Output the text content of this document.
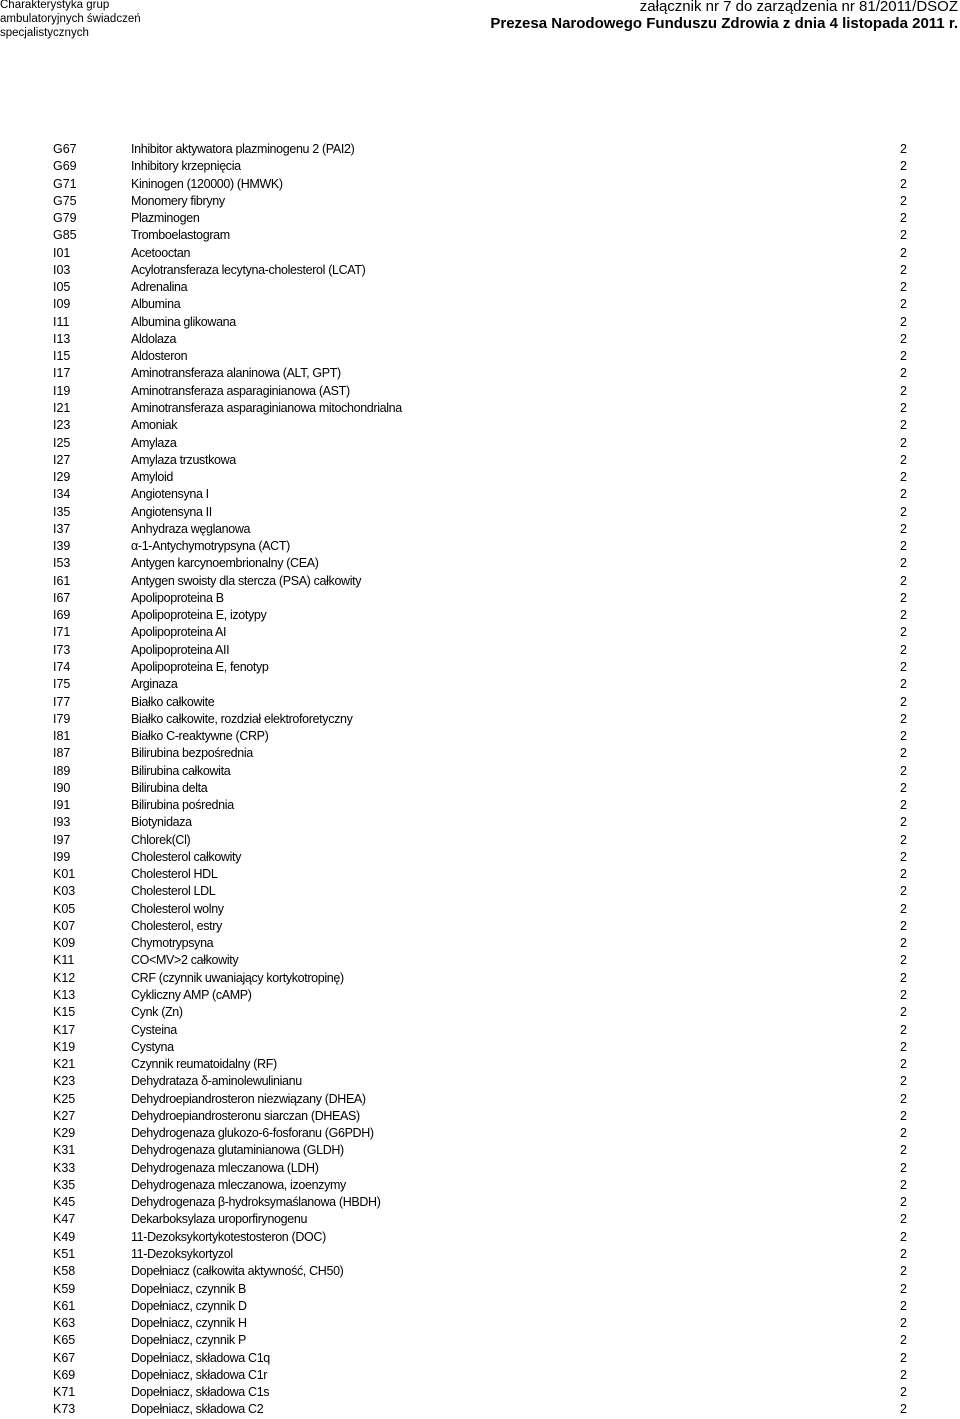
Charakterystyka grup
ambulatoryjnych świadczeń
specjalistycznych
załącznik nr 7 do zarządzenia nr 81/2011/DSOZ
Prezesa Narodowego Funduszu Zdrowia z dnia 4 listopada 2011 r.
G67	Inhibitor aktywatora plazminogenu 2 (PAI2)	2
G69	Inhibitory krzepnięcia	2
G71	Kininogen (120000) (HMWK)	2
G75	Monomery fibryny	2
G79	Plazminogen	2
G85	Tromboelastogram	2
I01	Acetooctan	2
I03	Acylotransferaza lecytyna-cholesterol (LCAT)	2
I05	Adrenalina	2
I09	Albumina	2
I11	Albumina glikowana	2
I13	Aldolaza	2
I15	Aldosteron	2
I17	Aminotransferaza alaninowa (ALT, GPT)	2
I19	Aminotransferaza asparaginianowa (AST)	2
I21	Aminotransferaza asparaginianowa mitochondrialna	2
I23	Amoniak	2
I25	Amylaza	2
I27	Amylaza trzustkowa	2
I29	Amyloid	2
I34	Angiotensyna I	2
I35	Angiotensyna II	2
I37	Anhydraza węglanowa	2
I39	α-1-Antychymotrypsyna (ACT)	2
I53	Antygen karcynoembrionalny (CEA)	2
I61	Antygen swoisty dla stercza (PSA) całkowity	2
I67	Apolipoproteina B	2
I69	Apolipoproteina E, izotypy	2
I71	Apolipoproteina AI	2
I73	Apolipoproteina AII	2
I74	Apolipoproteina E, fenotyp	2
I75	Arginaza	2
I77	Białko całkowite	2
I79	Białko całkowite, rozdział elektroforetyczny	2
I81	Białko C-reaktywne (CRP)	2
I87	Bilirubina bezpośrednia	2
I89	Bilirubina całkowita	2
I90	Bilirubina delta	2
I91	Bilirubina pośrednia	2
I93	Biotynidaza	2
I97	Chlorek(Cl)	2
I99	Cholesterol całkowity	2
K01	Cholesterol HDL	2
K03	Cholesterol LDL	2
K05	Cholesterol wolny	2
K07	Cholesterol, estry	2
K09	Chymotrypsyna	2
K11	CO<MV>2 całkowity	2
K12	CRF (czynnik uwaniający kortykotropinę)	2
K13	Cykliczny AMP (cAMP)	2
K15	Cynk (Zn)	2
K17	Cysteina	2
K19	Cystyna	2
K21	Czynnik reumatoidalny (RF)	2
K23	Dehydrataza δ-aminolewulinianu	2
K25	Dehydroepiandrosteron niezwiązany (DHEA)	2
K27	Dehydroepiandrosteronu siarczan (DHEAS)	2
K29	Dehydrogenaza glukozo-6-fosforanu (G6PDH)	2
K31	Dehydrogenaza glutaminianowa (GLDH)	2
K33	Dehydrogenaza mleczanowa (LDH)	2
K35	Dehydrogenaza mleczanowa, izoenzymy	2
K45	Dehydrogenaza β-hydroksymaślanowa (HBDH)	2
K47	Dekarboksylaza uroporfirynogenu	2
K49	11-Dezoksykortykotestosteron (DOC)	2
K51	11-Dezoksykortyzol	2
K58	Dopełniacz (całkowita aktywność, CH50)	2
K59	Dopełniacz, czynnik B	2
K61	Dopełniacz, czynnik D	2
K63	Dopełniacz, czynnik H	2
K65	Dopełniacz, czynnik P	2
K67	Dopełniacz, składowa C1q	2
K69	Dopełniacz, składowa C1r	2
K71	Dopełniacz, składowa C1s	2
K73	Dopełniacz, składowa C2	2
